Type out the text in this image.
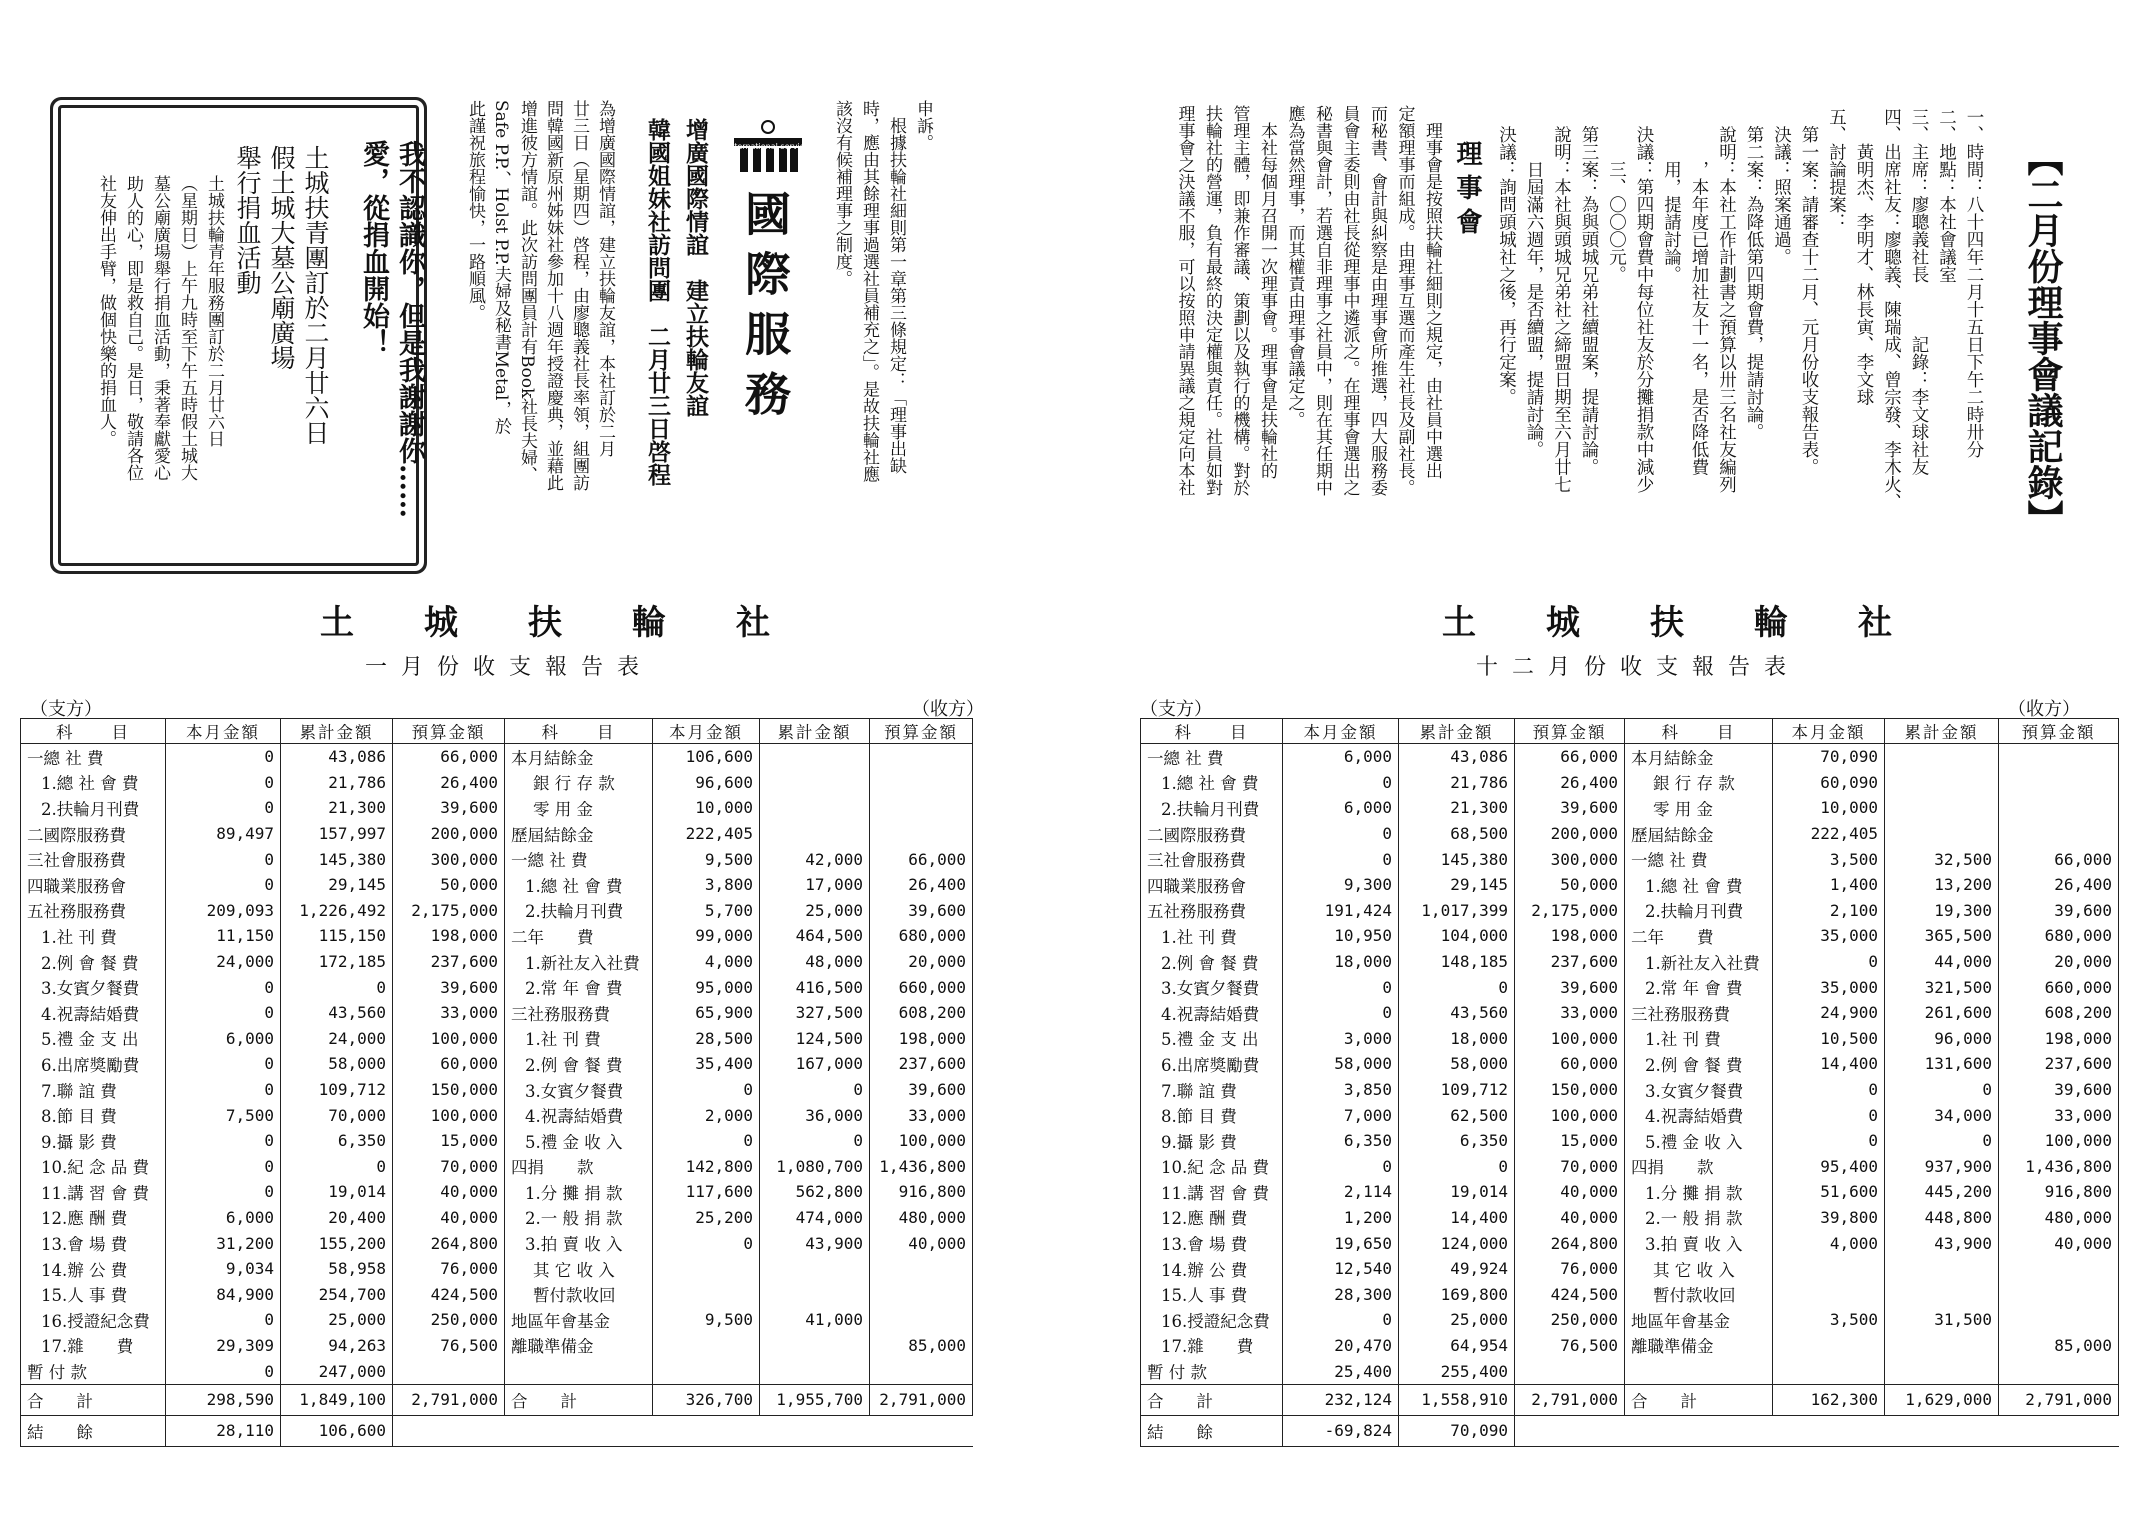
我不認識你，但是我謝謝你……
愛，從捐血開始！
土城扶青團訂於二月廿六日
假土城大墓公廟廣場
舉行捐血活動
土城扶輪青年服務團訂於二月廿六日
（星期日）上午九時至下午五時假土城大
墓公廟廣場舉行捐血活動，秉著奉獻愛心
助人的心，即是救自己。是日，敬請各位
社友伸出手臂，做個快樂的捐血人。
international service
國際服務
增廣國際情誼　建立扶輪友誼
韓國姐妹社訪問團　二月廿三日啓程
為增廣國際情誼，建立扶輪友誼，本社訂於二月
廿三日（星期四）啓程，由廖聰義社長率領，組團訪
問韓國新原州姊妹社參加十八週年授證慶典，並藉此
增進彼方情誼。此次訪問團員計有Book社長夫婦、
Safe P.P.、Holst P.P.夫婦及秘書Metal，於
此謹祝旅程愉快，一路順風。	申訴。
　根據扶輪社細則第一章第三條規定：「理事出缺
時，應由其餘理事過選社員補充之」。是故扶輪社應
該沒有候補理事之制度。
土城扶輪社
一月份收支報告表
（支方）	（收方）
科　　目	本月金額	累計金額	預算金額	科　　目	本月金額	累計金額	預算金額
一總 社 費	0	43,086	66,000	本月結餘金	106,600		
1.總 社 會 費	0	21,786	26,400	銀 行 存 款	96,600		
2.扶輪月刊費	0	21,300	39,600	零 用 金	10,000		
二國際服務費	89,497	157,997	200,000	歷屆結餘金	222,405		
三社會服務費	0	145,380	300,000	一總 社 費	9,500	42,000	66,000
四職業服務會	0	29,145	50,000	1.總 社 會 費	3,800	17,000	26,400
五社務服務費	209,093	1,226,492	2,175,000	2.扶輪月刊費	5,700	25,000	39,600
1.社 刊 費	11,150	115,150	198,000	二年　　費	99,000	464,500	680,000
2.例 會 餐 費	24,000	172,185	237,600	1.新社友入社費	4,000	48,000	20,000
3.女賓夕餐費	0	0	39,600	2.常 年 會 費	95,000	416,500	660,000
4.祝壽結婚費	0	43,560	33,000	三社務服務費	65,900	327,500	608,200
5.禮 金 支 出	6,000	24,000	100,000	1.社 刊 費	28,500	124,500	198,000
6.出席獎勵費	0	58,000	60,000	2.例 會 餐 費	35,400	167,000	237,600
7.聯 誼 費	0	109,712	150,000	3.女賓夕餐費	0	0	39,600
8.節 目 費	7,500	70,000	100,000	4.祝壽結婚費	2,000	36,000	33,000
9.攝 影 費	0	6,350	15,000	5.禮 金 收 入	0	0	100,000
10.紀 念 品 費	0	0	70,000	四捐　　款	142,800	1,080,700	1,436,800
11.講 習 會 費	0	19,014	40,000	1.分 攤 捐 款	117,600	562,800	916,800
12.應 酬 費	6,000	20,400	40,000	2.一 般 捐 款	25,200	474,000	480,000
13.會 場 費	31,200	155,200	264,800	3.拍 賣 收 入	0	43,900	40,000
14.辦 公 費	9,034	58,958	76,000	其 它 收 入			
15.人 事 費	84,900	254,700	424,500	暫付款收回			
16.授證紀念費	0	25,000	250,000	地區年會基金	9,500	41,000	
17.雜　　費	29,309	94,263	76,500	離職準備金			85,000
暫 付 款	0	247,000					
合　　計	298,590	1,849,100	2,791,000	合　　計	326,700	1,955,700	2,791,000
結　　餘	28,110	106,600					
【二月份理事會議記錄】
一、時間：八十四年二月十五日下午二時卅分
二、地點：本社會議室
三、主席：廖聰義社長　　　記錄：李文球社友
四、出席社友：廖聰義、陳瑞成、曾宗發、李木火、
　　黃明杰、李明才、林長寅、李文球
五、討論提案：
　第一案：請審查十二月、元月份收支報告表。
　決議：照案通過。
　第二案：為降低第四期會費，提請討論。
　說明：本社工作計劃書之預算以卅三名社友編列
　　　，本年度已增加社友十一名，是否降低費
　　　用，提請討論。
　決議：第四期會費中每位社友於分攤捐款中減少
　　　三、〇〇〇元。
　第三案：為與頭城兄弟社續盟案，提請討論。
　說明：本社與頭城兄弟社之締盟日期至六月廿七
　　　日屆滿六週年，是否續盟，提請討論。
　決議：詢問頭城社之後，再行定案。
理事會
　理事會是按照扶輪社細則之規定，由社員中選出
定額理事而組成。由理事互選而產生社長及副社長。
而秘書、會計與糾察是由理事會所推選，四大服務委
員會主委則由社長從理事中遴派之。在理事會選出之
秘書與會計，若選自非理事之社員中，則在其任期中
應為當然理事，而其權責由理事會議定之。
　本社每個月召開一次理事會。理事會是扶輪社的
管理主體，即兼作審議、策劃以及執行的機構。對於
扶輪社的營運，負有最終的決定權與責任。社員如對
理事會之決議不服，可以按照申請異議之規定向本社
土城扶輪社
十二月份收支報告表
（支方）	（收方）
科　　目	本月金額	累計金額	預算金額	科　　目	本月金額	累計金額	預算金額
一總 社 費	6,000	43,086	66,000	本月結餘金	70,090		
1.總 社 會 費	0	21,786	26,400	銀 行 存 款	60,090		
2.扶輪月刊費	6,000	21,300	39,600	零 用 金	10,000		
二國際服務費	0	68,500	200,000	歷屆結餘金	222,405		
三社會服務費	0	145,380	300,000	一總 社 費	3,500	32,500	66,000
四職業服務會	9,300	29,145	50,000	1.總 社 會 費	1,400	13,200	26,400
五社務服務費	191,424	1,017,399	2,175,000	2.扶輪月刊費	2,100	19,300	39,600
1.社 刊 費	10,950	104,000	198,000	二年　　費	35,000	365,500	680,000
2.例 會 餐 費	18,000	148,185	237,600	1.新社友入社費	0	44,000	20,000
3.女賓夕餐費	0	0	39,600	2.常 年 會 費	35,000	321,500	660,000
4.祝壽結婚費	0	43,560	33,000	三社務服務費	24,900	261,600	608,200
5.禮 金 支 出	3,000	18,000	100,000	1.社 刊 費	10,500	96,000	198,000
6.出席獎勵費	58,000	58,000	60,000	2.例 會 餐 費	14,400	131,600	237,600
7.聯 誼 費	3,850	109,712	150,000	3.女賓夕餐費	0	0	39,600
8.節 目 費	7,000	62,500	100,000	4.祝壽結婚費	0	34,000	33,000
9.攝 影 費	6,350	6,350	15,000	5.禮 金 收 入	0	0	100,000
10.紀 念 品 費	0	0	70,000	四捐　　款	95,400	937,900	1,436,800
11.講 習 會 費	2,114	19,014	40,000	1.分 攤 捐 款	51,600	445,200	916,800
12.應 酬 費	1,200	14,400	40,000	2.一 般 捐 款	39,800	448,800	480,000
13.會 場 費	19,650	124,000	264,800	3.拍 賣 收 入	4,000	43,900	40,000
14.辦 公 費	12,540	49,924	76,000	其 它 收 入			
15.人 事 費	28,300	169,800	424,500	暫付款收回			
16.授證紀念費	0	25,000	250,000	地區年會基金	3,500	31,500	
17.雜　　費	20,470	64,954	76,500	離職準備金			85,000
暫 付 款	25,400	255,400					
合　　計	232,124	1,558,910	2,791,000	合　　計	162,300	1,629,000	2,791,000
結　　餘	-69,824	70,090					
